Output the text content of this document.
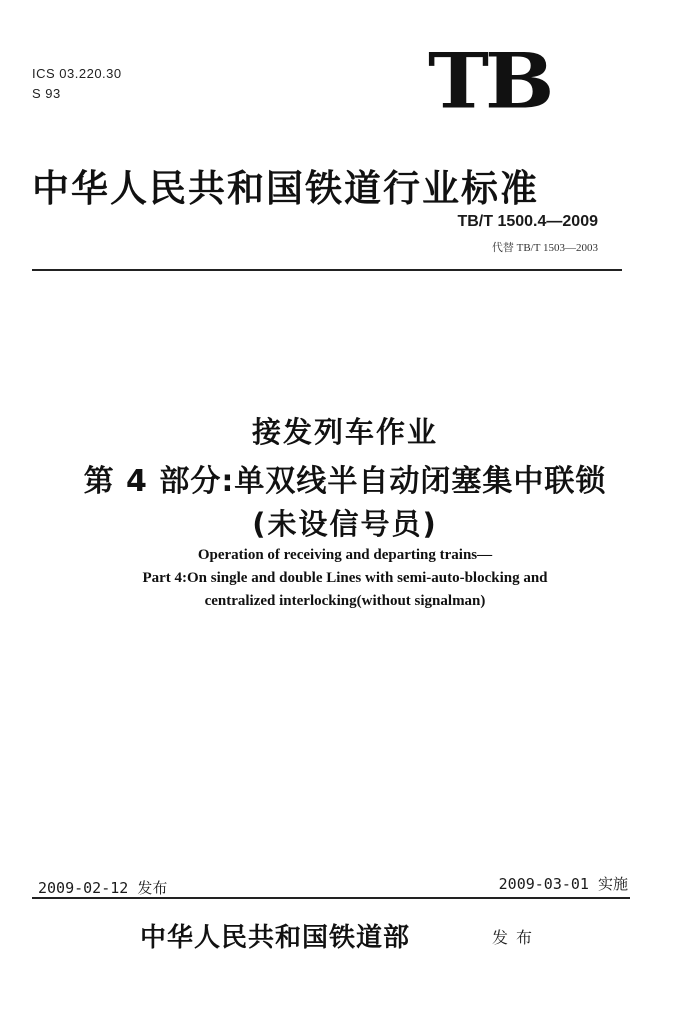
ICS 03.220.30
S 93	TB
中华人民共和国铁道行业标准
TB/T 1500.4—2009
代替 TB/T 1503—2003
接发列车作业
第 4 部分:单双线半自动闭塞集中联锁
(未设信号员)
Operation of receiving and departing trains—
Part 4:On single and double Lines with semi-auto-blocking and
centralized interlocking(without signalman)
2009-02-12 发布	2009-03-01 实施
中华人民共和国铁道部	发布
